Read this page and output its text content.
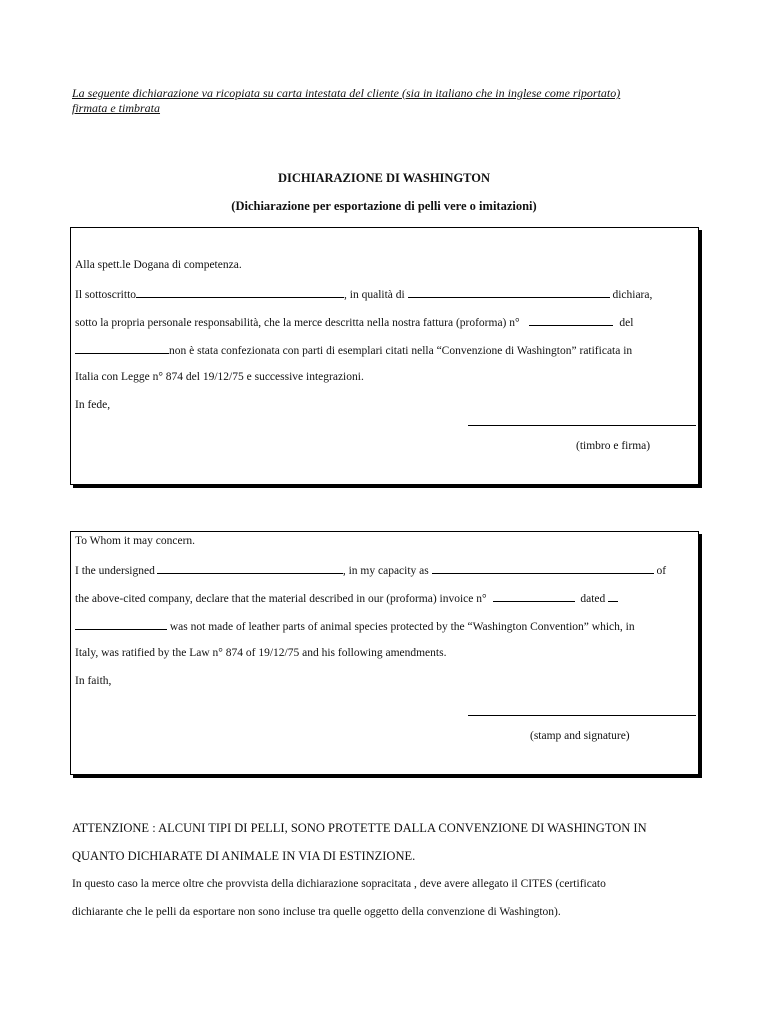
La seguente dichiarazione va ricopiata su carta intestata del cliente (sia in italiano che in inglese come riportato)
firmata e timbrata
DICHIARAZIONE DI WASHINGTON
(Dichiarazione per esportazione di pelli vere o imitazioni)
Alla spett.le Dogana di competenza.
Il sottoscritto	, in qualità di	dichiara,
sotto la propria personale responsabilità, che la merce descritta nella nostra fattura (proforma) n°	del
non è stata confezionata con parti di esemplari citati nella “Convenzione di Washington” ratificata in
Italia con Legge n° 874 del 19/12/75 e successive integrazioni.
In fede,
(timbro e firma)
To Whom it may concern.
I the undersigned	, in my capacity as	of
the above-cited company, declare that the material described in our (proforma) invoice n°	dated
was not made of leather parts of animal species protected by the “Washington Convention” which, in
Italy, was ratified by the Law n° 874 of 19/12/75 and his following amendments.
In faith,
(stamp and signature)
ATTENZIONE : ALCUNI TIPI DI PELLI, SONO PROTETTE DALLA CONVENZIONE DI WASHINGTON IN
QUANTO DICHIARATE DI ANIMALE IN VIA DI ESTINZIONE.
In questo caso la merce oltre che provvista della dichiarazione sopracitata , deve avere allegato il CITES (certificato
dichiarante che le pelli da esportare non sono incluse tra quelle oggetto della convenzione di Washington).
